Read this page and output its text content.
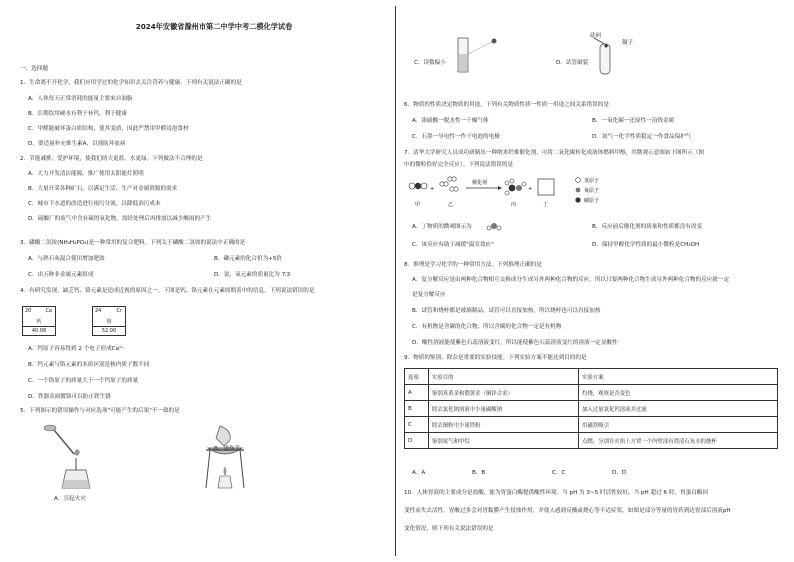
2024年安徽省滁州市第二中学中考二模化学试卷
一、选择题
1．生命离不开化学，我们应用学过的化学知识去关注营养与健康。下列有关说法正确的是
A．人体每天正常消耗的能量主要来自油脂
B．长期饮用硬水有利于补钙，利于健康
C．甲醛能破坏蛋白质结构，使其变质，因此严禁用甲醛浸泡食材
D．要适量补充维生素A，以预防坏血病
2．节能减排，爱护环境，使我们的天更蓝，水更绿。下列做法不合理的是
A．大力开发清洁能源，推广使用太阳能灯照明
B．大量开采各种矿石，以满足生活、生产对金属资源的需求
C．城市下水道的改造进行雨污分流，以降低治污成本
D．硫酸厂的废气中含有硫的氧化物，需经处理后再排放以减少酸雨的产生
3．磷酸二氢铵(NH₄H₂PO₄)是一种常用的复合肥料。下列关于磷酸二氢铵的说法中正确的是
A．与熟石灰混合使用增加肥效	B．磷元素的化合价为+5价
C．由五种非金属元素组成	D．氮、氧元素的质量比为 7∶3
4．有研究发现，缺乏钙、铬元素是造成近视的原因之一。下图是钙、铬元素在元素周期表中的信息。下列说法错误的是
20	Ca
钙
40.08
24	Cr
铬
52.00
A．钙原子容易得到 2 个电子形成Ca²⁺
B．钙元素与铬元素的本质区别是核内质子数不同
C．一个铬原子的质量大于一个钙原子的质量
D．铁器表面镀铬可以防止铁生锈
5．下列图示的错误操作与对应选项"可能产生的后果"不一致的是
A．引起火灾
B．烫伤手
C．读数偏小
砝码
镊子
D．试管破裂
6．物质的性质决定物质的用途。下列有关物质性质一性质一用途之间关系错误的是
A．浓硫酸一脱水性一干燥气体	B．一氧化碳一还原性一冶炼金属
C．石墨一导电性一作干电池的电极	D．氮气一化学性质稳定一作食品保护气
7．清华大学研究人员成功研制出一种纳米纤维催化剂，可将二氧化碳转化成液体燃料甲醇，其微观示意图如下图所示（图
中的微粒恰好完全反应）。下列说法错误的是
+
催化剂
+
甲	乙	丙	丁
氢原子
氧原子
碳原子
A．丁物质的微观图示为	B．反应前后催化剂的质量和性质都没有改变
C．该反应有助于减缓"温室效应"	D．保持甲醇化学性质的最小微粒是CH₃OH
8．推理是学习化学的一种常用方法。下列推理正确的是
A．复分解反应是由两种化合物相互交换成分生成另外两种化合物的反应，所以只要两种化合物生成另外两种化合物的反应就一定
是复分解反应
B．试管和烧杯都是玻璃制品，试管可以直接加热，所以烧杯也可以直接加热
C．有机物是含碳的化合物，所以含碳的化合物一定是有机物
D．酸性溶液能使紫色石蕊溶液变红，所以能使紫色石蕊溶液变红的溶液一定显酸性
9．物质的鉴别、除杂是重要的实验技能。下列实验方案不能达到目的的是
选项	实验目的	实验方案
A	鉴别真黄金和假黄金（铜锌合金）	灼烧，观察是否变色
B	除去氯化钠溶液中少量碳酸钠	加入过量氯化钙溶液并过滤
C	除去铜粉中少量铁粉	用磁铁吸引
D	鉴别氨气和甲烷	点燃，分别在火焰上方罩一个内壁涂有澄清石灰水的烧杯
A．A	B．B	C．C	D．D
10．人体胃液的主要成分是盐酸，能为胃蛋白酶提供酸性环境。当 pH 为 3~5 时活性较好，当 pH 超过 6 时，胃蛋白酶因
变性而失去活性。胃酸过多会对胃黏膜产生侵蚀作用，并使人感到反酸或烧心等不适症状。如图是部分等量的胃药到达胃部后溶液pH
变化情况，则下列有关说法错误的是
